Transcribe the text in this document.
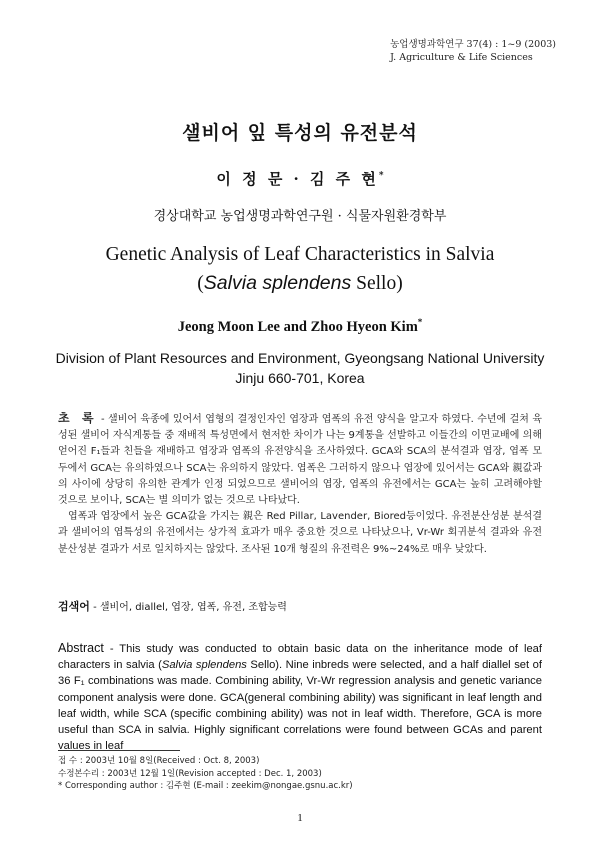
농업생명과학연구 37(4) : 1~9 (2003)
J. Agriculture & Life Sciences
샐비어 잎 특성의 유전분석
이 정 문 · 김 주 현*
경상대학교 농업생명과학연구원 · 식물자원환경학부
Genetic Analysis of Leaf Characteristics in Salvia
(Salvia splendens Sello)
Jeong Moon Lee and Zhoo Hyeon Kim*
Division of Plant Resources and Environment, Gyeongsang National University
Jinju 660-701, Korea

초 록 - 샐비어 육종에 있어서 엽형의 결정인자인 엽장과 엽폭의 유전 양식을 알고자 하였다. 수년에 걸쳐 육성된 샐비어 자식계통들 중 재배적 특성면에서 현저한 차이가 나는 9계통을 선발하고 이들간의 이면교배에 의해 얻어진 F₁들과 친들을 재배하고 엽장과 엽폭의 유전양식을 조사하였다. GCA와 SCA의 분석결과 엽장, 엽폭 모두에서 GCA는 유의하였으나 SCA는 유의하지 않았다. 엽폭은 그러하지 않으나 엽장에 있어서는 GCA와 親값과의 사이에 상당히 유의한 관계가 인정 되었으므로 샐비어의 엽장, 엽폭의 유전에서는 GCA는 높히 고려해야할 것으로 보이나, SCA는 별 의미가 없는 것으로 나타났다.

엽폭과 엽장에서 높은 GCA값을 가지는 親은 Red Pillar, Lavender, Biored등이었다. 유전분산성분 분석결과 샐비어의 엽특성의 유전에서는 상가적 효과가 매우 중요한 것으로 나타났으나, Vr-Wr 회귀분석 결과와 유전분산성분 결과가 서로 일치하지는 않았다. 조사된 10개 형질의 유전력은 9%~24%로 매우 낮았다.

검색어 - 샐비어, diallel, 엽장, 엽폭, 유전, 조합능력
Abstract - This study was conducted to obtain basic data on the inheritance mode of leaf characters in salvia (Salvia splendens Sello). Nine inbreds were selected, and a half diallel set of 36 F₁ combinations was made. Combining ability, Vr-Wr regression analysis and genetic variance component analysis were done. GCA(general combining ability) was significant in leaf length and leaf width, while SCA (specific combining ability) was not in leaf width. Therefore, GCA is more useful than SCA in salvia. Highly significant correlations were found between GCAs and parent values in leaf
접 수 : 2003년 10월 8일(Received : Oct. 8, 2003)
수정본수리 : 2003년 12월 1일(Revision accepted : Dec. 1, 2003)
* Corresponding author : 김주현 (E-mail : zeekim@nongae.gsnu.ac.kr)
1
